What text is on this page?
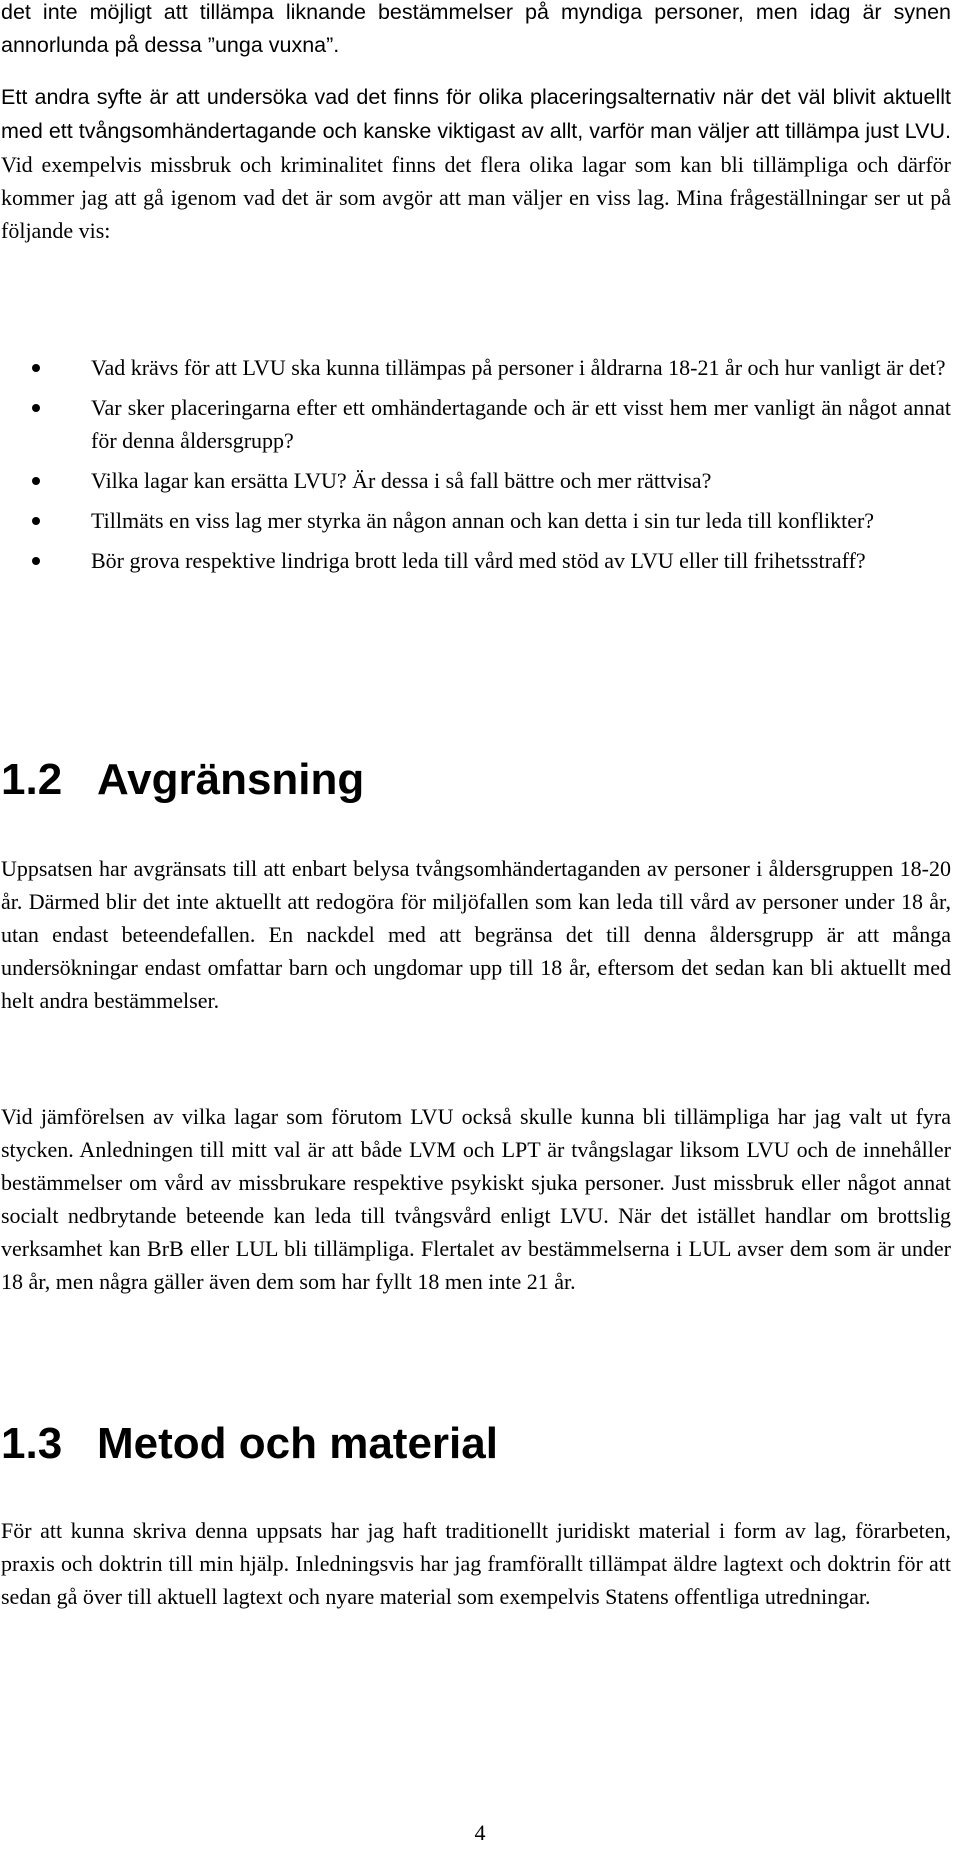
det inte möjligt att tillämpa liknande bestämmelser på myndiga personer, men idag är synen annorlunda på dessa ”unga vuxna”.

Ett andra syfte är att undersöka vad det finns för olika placeringsalternativ när det väl blivit aktuellt med ett tvångsomhändertagande och kanske viktigast av allt, varför man väljer att tillämpa just LVU. Vid exempelvis missbruk och kriminalitet finns det flera olika lagar som kan bli tillämpliga och därför kommer jag att gå igenom vad det är som avgör att man väljer en viss lag. Mina frågeställningar ser ut på följande vis:

Vad krävs för att LVU ska kunna tillämpas på personer i åldrarna 18-21 år och hur vanligt är det?
Var sker placeringarna efter ett omhändertagande och är ett visst hem mer vanligt än något annat för denna åldersgrupp?
Vilka lagar kan ersätta LVU? Är dessa i så fall bättre och mer rättvisa?
Tillmäts en viss lag mer styrka än någon annan och kan detta i sin tur leda till konflikter?
Bör grova respektive lindriga brott leda till vård med stöd av LVU eller till frihetsstraff?
1.2 Avgränsning

Uppsatsen har avgränsats till att enbart belysa tvångsomhändertaganden av personer i åldersgruppen 18-20 år. Därmed blir det inte aktuellt att redogöra för miljöfallen som kan leda till vård av personer under 18 år, utan endast beteendefallen. En nackdel med att begränsa det till denna åldersgrupp är att många undersökningar endast omfattar barn och ungdomar upp till 18 år, eftersom det sedan kan bli aktuellt med helt andra bestämmelser.

Vid jämförelsen av vilka lagar som förutom LVU också skulle kunna bli tillämpliga har jag valt ut fyra stycken. Anledningen till mitt val är att både LVM och LPT är tvångslagar liksom LVU och de innehåller bestämmelser om vård av missbrukare respektive psykiskt sjuka personer. Just missbruk eller något annat socialt nedbrytande beteende kan leda till tvångsvård enligt LVU. När det istället handlar om brottslig verksamhet kan BrB eller LUL bli tillämpliga. Flertalet av bestämmelserna i LUL avser dem som är under 18 år, men några gäller även dem som har fyllt 18 men inte 21 år.

1.3 Metod och material

För att kunna skriva denna uppsats har jag haft traditionellt juridiskt material i form av lag, förarbeten, praxis och doktrin till min hjälp. Inledningsvis har jag framförallt tillämpat äldre lagtext och doktrin för att sedan gå över till aktuell lagtext och nyare material som exempelvis Statens offentliga utredningar.

4
